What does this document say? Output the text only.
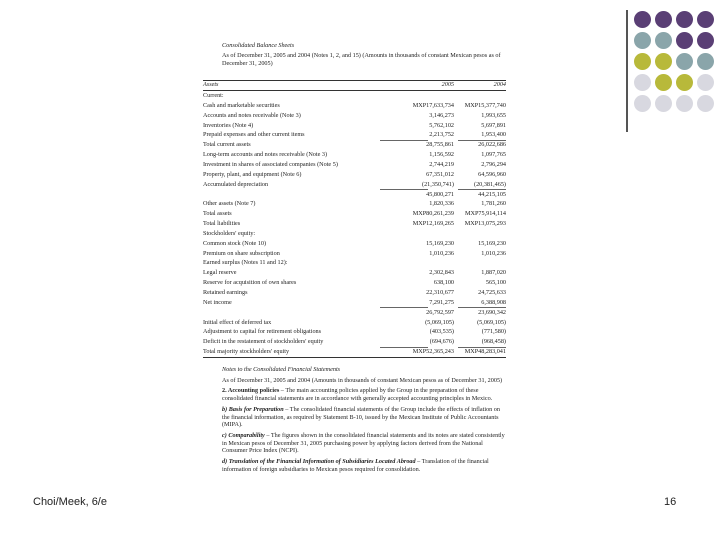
Consolidated Balance Sheets
As of December 31, 2005 and 2004 (Notes 1, 2, and 15) (Amounts in thousands of constant Mexican pesos as of December 31, 2005)
Assets	2005	2004
Current:
Cash and marketable securities	MXP17,633,734 MXP15,377,740
Accounts and notes receivable (Note 3)	3,146,273	1,993,655
Inventories (Note 4)	5,762,102	5,697,891
Prepaid expenses and other current items	2,213,752	1,953,400
Total current assets	28,755,861	26,022,686
Long-term accounts and notes receivable (Note 3)	1,156,592	1,097,765
Investment in shares of associated companies (Note 5)	2,744,219	2,796,294
Property, plant, and equipment (Note 6)	67,351,012	64,596,960
Accumulated depreciation	(21,350,741)	(20,381,465)
45,800,271	44,215,105
Other assets (Note 7)	1,820,336	1,781,260
Total assets	MXP80,261,239 MXP75,914,114
Total liabilities	MXP12,169,265 MXP13,075,293
Stockholders' equity:
Common stock (Note 10)	15,169,230	15,169,230
Premium on share subscription	1,010,236	1,010,236
Earned surplus (Notes 11 and 12):
Legal reserve	2,302,843	1,887,020
Reserve for acquisition of own shares	638,100	565,100
Retained earnings	22,310,677	24,725,633
Net income	7,291,275	6,388,908
26,792,597	23,690,342
Initial effect of deferred tax	(5,069,105)	(5,069,105)
Adjustment to capital for retirement obligations	(403,535)	(771,580)
Deficit in the restatement of stockholders' equity	(694,676)	(968,458)
Total majority stockholders' equity	MXP52,365,243 MXP48,283,041

Notes to the Consolidated Financial Statements

As of December 31, 2005 and 2004 (Amounts in thousands of constant Mexican pesos as of December 31, 2005)

2. Accounting policies – The main accounting policies applied by the Group in the preparation of these consolidated financial statements are in accordance with generally accepted accounting principles in Mexico.

b) Basis for Preparation – The consolidated financial statements of the Group include the effects of inflation on the financial information, as required by Statement B-10, issued by the Mexican Institute of Public Accountants (MIPA).

c) Comparability – The figures shown in the consolidated financial statements and its notes are stated consistently in Mexican pesos of December 31, 2005 purchasing power by applying factors derived from the National Consumer Price Index (NCPI).

d) Translation of the Financial Information of Subsidiaries Located Abroad – Translation of the financial information of foreign subsidiaries to Mexican pesos required for consolidation.

Choi/Meek, 6/e	16
